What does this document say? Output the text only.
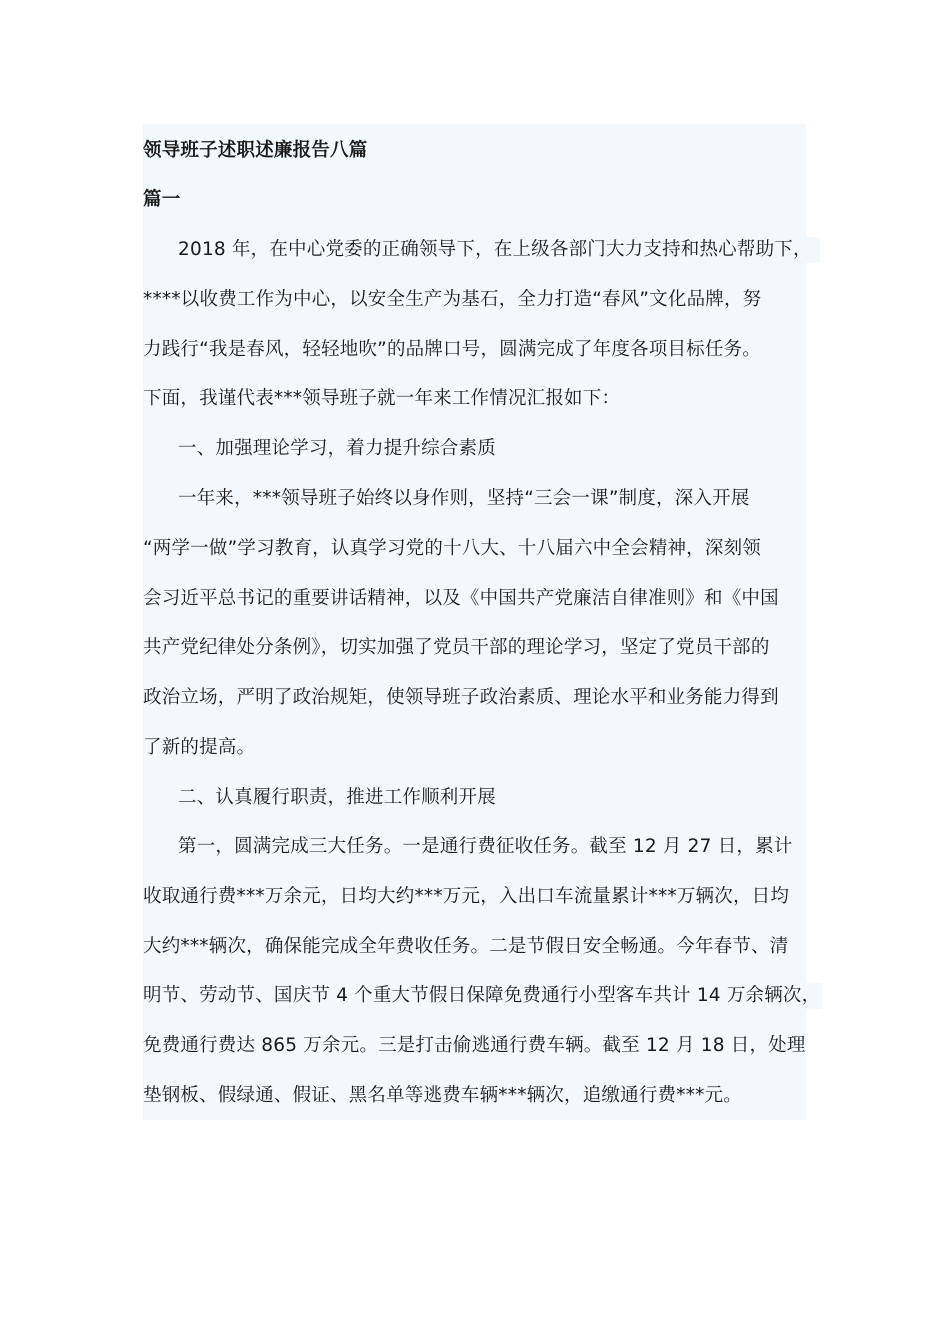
领导班子述职述廉报告八篇
篇一
2018 年，在中心党委的正确领导下，在上级各部门大力支持和热心帮助下，
****以收费工作为中心，以安全生产为基石，全力打造“春风”文化品牌，努
力践行“我是春风，轻轻地吹”的品牌口号，圆满完成了年度各项目标任务。
下面，我谨代表***领导班子就一年来工作情况汇报如下：
一、加强理论学习，着力提升综合素质
一年来，***领导班子始终以身作则，坚持“三会一课”制度，深入开展
“两学一做”学习教育，认真学习党的十八大、十八届六中全会精神，深刻领
会习近平总书记的重要讲话精神，以及《中国共产党廉洁自律准则》和《中国
共产党纪律处分条例》，切实加强了党员干部的理论学习，坚定了党员干部的
政治立场，严明了政治规矩，使领导班子政治素质、理论水平和业务能力得到
了新的提高。
二、认真履行职责，推进工作顺利开展
第一，圆满完成三大任务。一是通行费征收任务。截至 12 月 27 日，累计
收取通行费***万余元，日均大约***万元，入出口车流量累计***万辆次，日均
大约***辆次，确保能完成全年费收任务。二是节假日安全畅通。今年春节、清
明节、劳动节、国庆节 4 个重大节假日保障免费通行小型客车共计 14 万余辆次，
免费通行费达 865 万余元。三是打击偷逃通行费车辆。截至 12 月 18 日，处理
垫钢板、假绿通、假证、黑名单等逃费车辆***辆次，追缴通行费***元。
